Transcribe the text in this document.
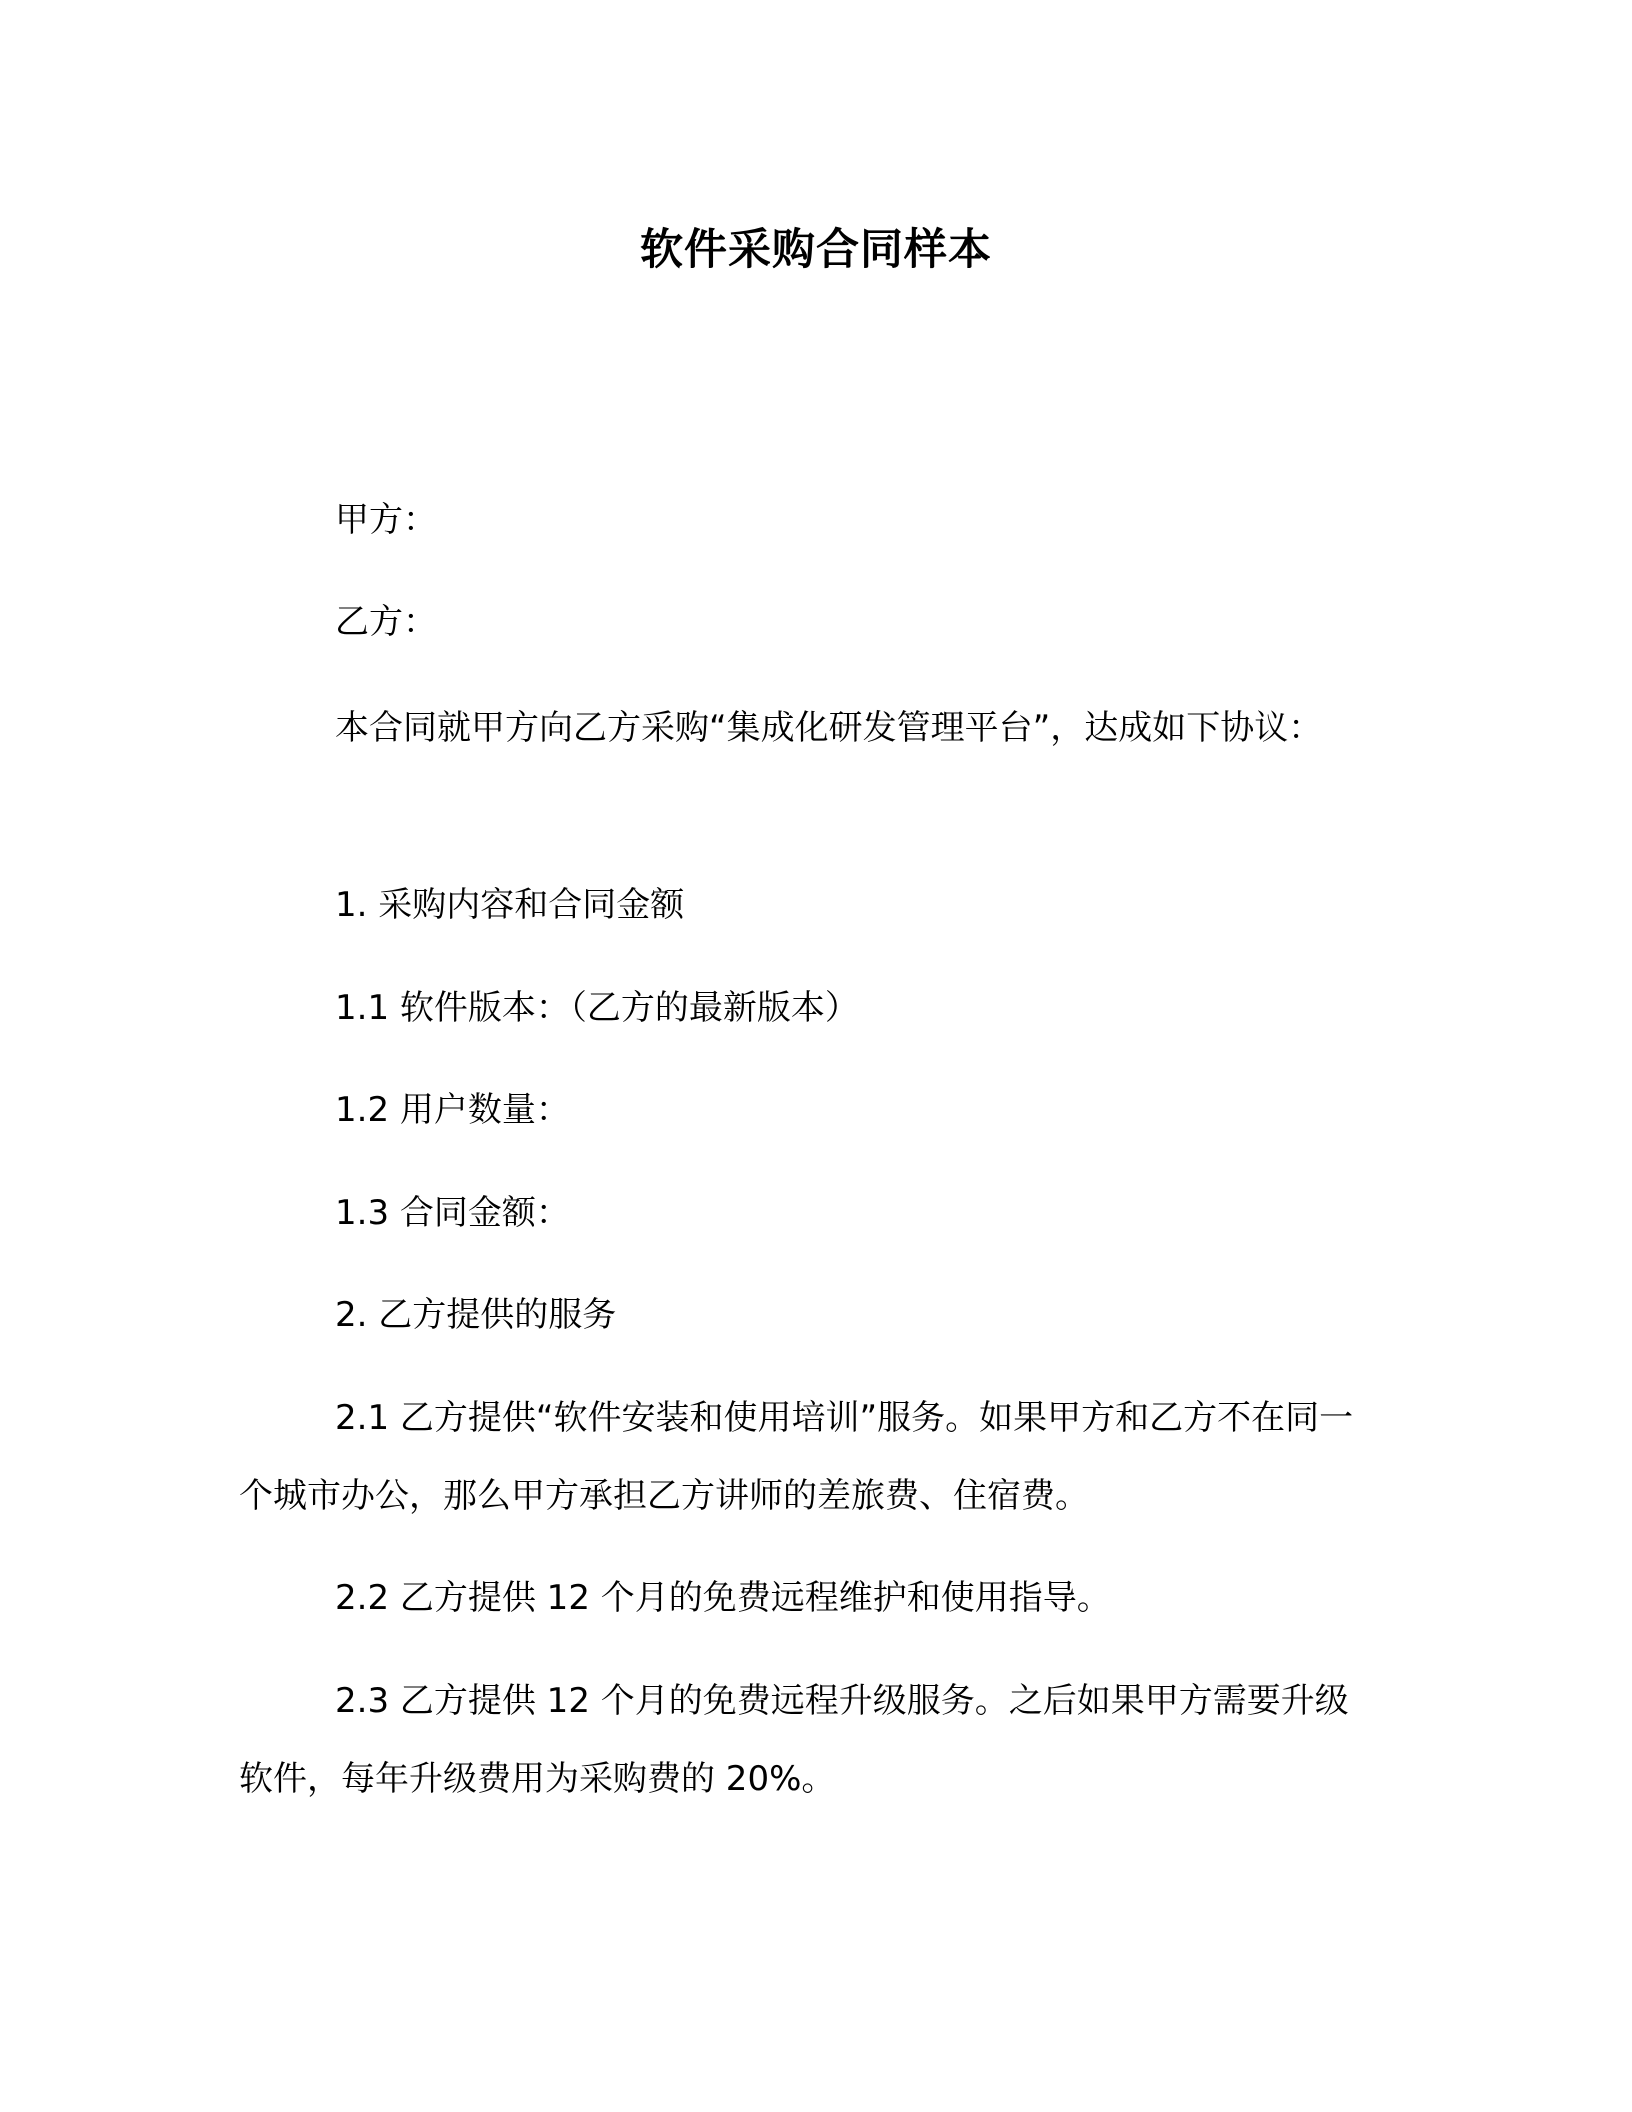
软件采购合同样本

甲方：

乙方：

本合同就甲方向乙方采购“集成化研发管理平台”，达成如下协议：

1. 采购内容和合同金额

1.1 软件版本：（乙方的最新版本）

1.2 用户数量：

1.3 合同金额：

2. 乙方提供的服务

2.1 乙方提供“软件安装和使用培训”服务。如果甲方和乙方不在同一个城市办公，那么甲方承担乙方讲师的差旅费、住宿费。

2.2 乙方提供 12 个月的免费远程维护和使用指导。

2.3 乙方提供 12 个月的免费远程升级服务。之后如果甲方需要升级软件，每年升级费用为采购费的 20%。
